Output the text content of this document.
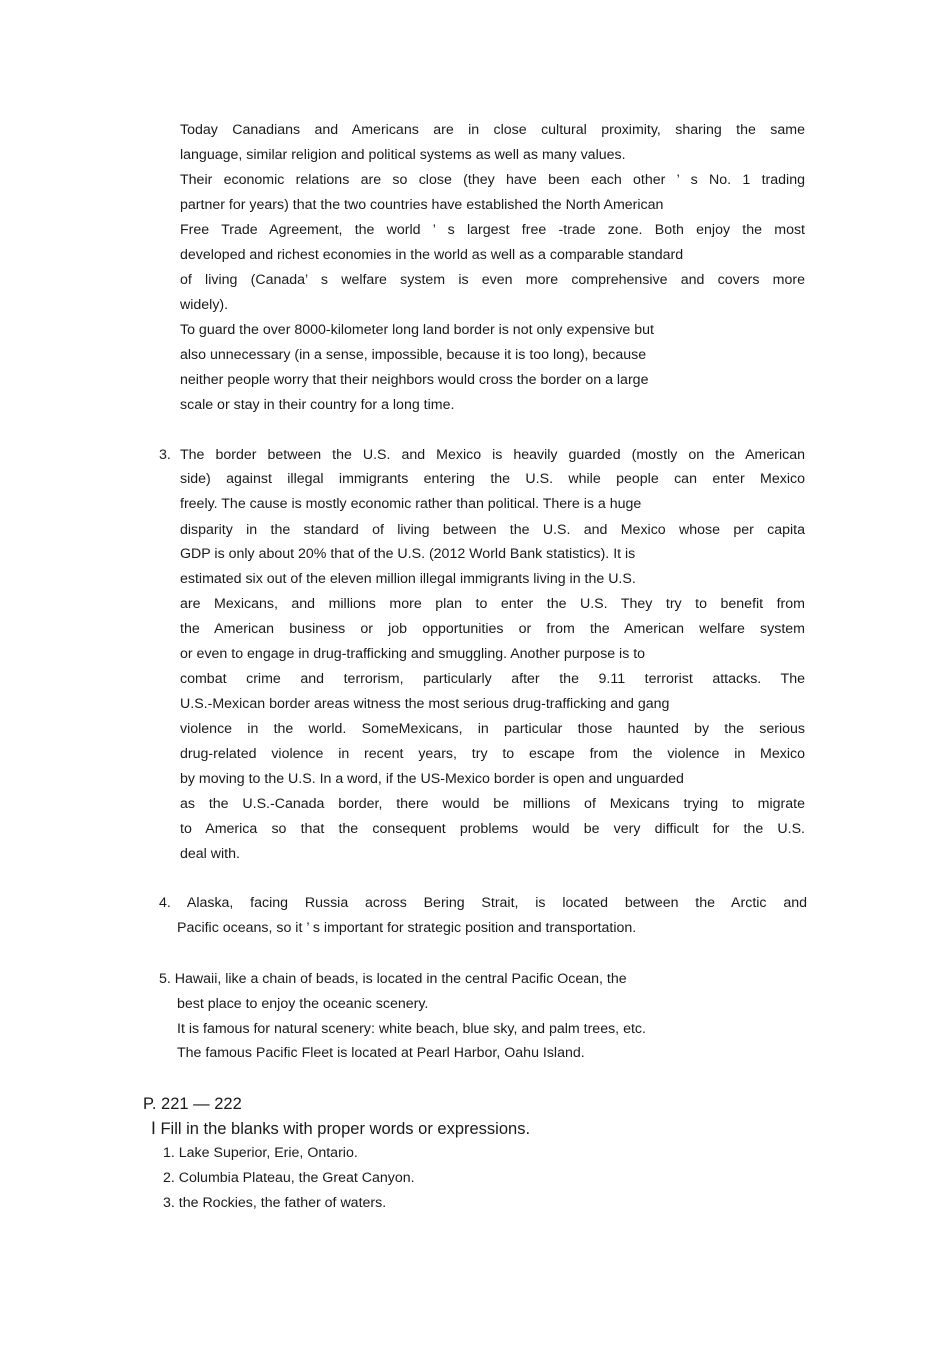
Today Canadians and Americans are in close cultural proximity, sharing the same
language, similar religion and political systems as well as many values.
Their economic relations are so close (they have been each other ’ s No. 1 trading
partner for years) that the two countries have established the North American
Free Trade Agreement, the world ’ s largest free -trade zone. Both enjoy the most
developed and richest economies in the world as well as a comparable standard
of living (Canada’ s welfare system is even more comprehensive and covers more
widely).
To guard the over 8000-kilometer long land border is not only expensive but
also unnecessary (in a sense, impossible, because it is too long), because
neither people worry that their neighbors would cross the border on a large
scale or stay in their country for a long time.
3. The border between the U.S. and Mexico is heavily guarded (mostly on the American
side) against illegal immigrants entering the U.S. while people can enter Mexico
freely. The cause is mostly economic rather than political. There is a huge
disparity in the standard of living between the U.S. and Mexico whose per capita
GDP is only about 20% that of the U.S. (2012 World Bank statistics). It is
estimated six out of the eleven million illegal immigrants living in the U.S.
are Mexicans, and millions more plan to enter the U.S. They try to benefit from
the American business or job opportunities or from the American welfare system
or even to engage in drug-trafficking and smuggling. Another purpose is to
combat crime and terrorism, particularly after the 9.11 terrorist attacks. The
U.S.-Mexican border areas witness the most serious drug-trafficking and gang
violence in the world. SomeMexicans, in particular those haunted by the serious
drug-related violence in recent years, try to escape from the violence in Mexico
by moving to the U.S. In a word, if the US-Mexico border is open and unguarded
as the U.S.-Canada border, there would be millions of Mexicans trying to migrate
to America so that the consequent problems would be very difficult for the U.S.
deal with.
4. Alaska, facing Russia across Bering Strait, is located between the Arctic and
Pacific oceans, so it ’ s important for strategic position and transportation.
5. Hawaii, like a chain of beads, is located in the central Pacific Ocean, the
best place to enjoy the oceanic scenery.
It is famous for natural scenery: white beach, blue sky, and palm trees, etc.
The famous Pacific Fleet is located at Pearl Harbor, Oahu Island.
P. 221 — 222
Ⅰ Fill in the blanks with proper words or expressions.
1. Lake Superior, Erie, Ontario.
2. Columbia Plateau, the Great Canyon.
3. the Rockies, the father of waters.
